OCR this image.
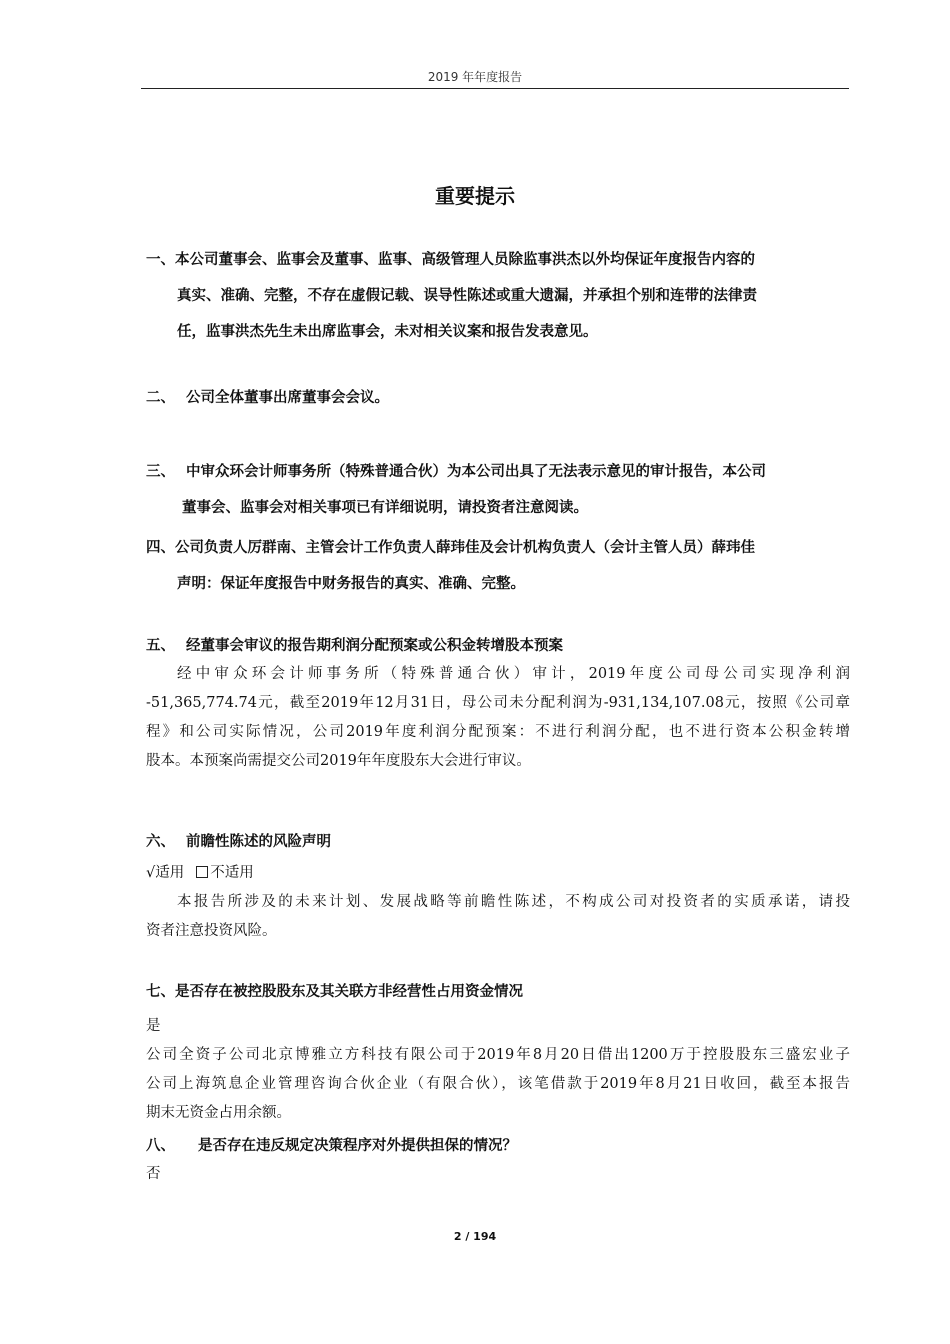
2019 年年度报告
重要提示
一、本公司董事会、监事会及董事、监事、高级管理人员除监事洪杰以外均保证年度报告内容的
真实、准确、完整，不存在虚假记载、误导性陈述或重大遗漏，并承担个别和连带的法律责
任，监事洪杰先生未出席监事会，未对相关议案和报告发表意见。
二、 公司全体董事出席董事会会议。
三、 中审众环会计师事务所（特殊普通合伙）为本公司出具了无法表示意见的审计报告，本公司
董事会、监事会对相关事项已有详细说明，请投资者注意阅读。
四、公司负责人厉群南、主管会计工作负责人薛玮佳及会计机构负责人（会计主管人员）薛玮佳
声明：保证年度报告中财务报告的真实、准确、完整。
五、 经董事会审议的报告期利润分配预案或公积金转增股本预案
经中审众环会计师事务所（特殊普通合伙）审计，2019年度公司母公司实现净利润
-51,365,774.74元，截至2019年12月31日，母公司未分配利润为-931,134,107.08元，按照《公司章
程》和公司实际情况，公司2019年度利润分配预案：不进行利润分配，也不进行资本公积金转增
股本。本预案尚需提交公司2019年年度股东大会进行审议。
六、 前瞻性陈述的风险声明
√适用 不适用
本报告所涉及的未来计划、发展战略等前瞻性陈述，不构成公司对投资者的实质承诺，请投
资者注意投资风险。
七、是否存在被控股股东及其关联方非经营性占用资金情况
是
公司全资子公司北京博雅立方科技有限公司于2019年8月20日借出1200万于控股股东三盛宏业子
公司上海筑息企业管理咨询合伙企业（有限合伙），该笔借款于2019年8月21日收回，截至本报告
期末无资金占用余额。
八、 是否存在违反规定决策程序对外提供担保的情况？
否
2 / 194
